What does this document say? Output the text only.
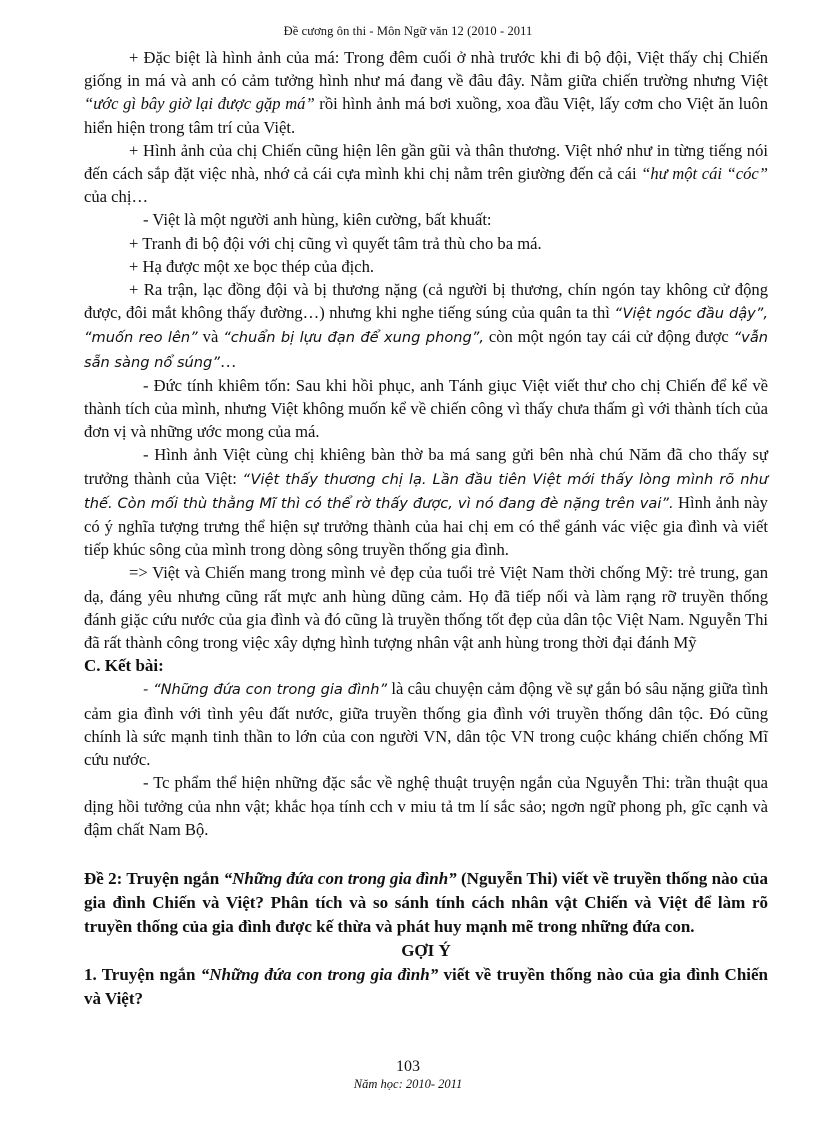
Đề cương ôn thi - Môn Ngữ văn 12 (2010 - 2011

+ Đặc biệt là hình ảnh của má: Trong đêm cuối ở nhà trước khi đi bộ đội, Việt thấy chị Chiến giống in má và anh có cảm tưởng hình như má đang về đâu đây. Nằm giữa chiến trường nhưng Việt “ước gì bây giờ lại được gặp má” rồi hình ảnh má bơi xuồng, xoa đầu Việt, lấy cơm cho Việt ăn luôn hiển hiện trong tâm trí của Việt.

+ Hình ảnh của chị Chiến cũng hiện lên gần gũi và thân thương. Việt nhớ như in từng tiếng nói đến cách sắp đặt việc nhà, nhớ cả cái cựa mình khi chị nằm trên giường đến cả cái “hư một cái “cóc” của chị…

- Việt là một người anh hùng, kiên cường, bất khuất:

+ Tranh đi bộ đội với chị cũng vì quyết tâm trả thù cho ba má.

+ Hạ được một xe bọc thép của địch.

+ Ra trận, lạc đồng đội và bị thương nặng (cả người bị thương, chín ngón tay không cử động được, đôi mắt không thấy đường…) nhưng khi nghe tiếng súng của quân ta thì “Việt ngóc đầu dậy”, “muốn reo lên” và “chuẩn bị lựu đạn để xung phong”, còn một ngón tay cái cử động được “vẫn sẵn sàng nổ súng”…

- Đức tính khiêm tốn: Sau khi hồi phục, anh Tánh giục Việt viết thư cho chị Chiến để kể về thành tích của mình, nhưng Việt không muốn kể về chiến công vì thấy chưa thấm gì với thành tích của đơn vị và những ước mong của má.

- Hình ảnh Việt cùng chị khiêng bàn thờ ba má sang gửi bên nhà chú Năm đã cho thấy sự trưởng thành của Việt: “Việt thấy thương chị lạ. Lần đầu tiên Việt mới thấy lòng mình rõ như thế. Còn mối thù thằng Mĩ thì có thể rờ thấy được, vì nó đang đè nặng trên vai”. Hình ảnh này có ý nghĩa tượng trưng thể hiện sự trưởng thành của hai chị em có thể gánh vác việc gia đình và viết tiếp khúc sông của mình trong dòng sông truyền thống gia đình.

=> Việt và Chiến mang trong mình vẻ đẹp của tuổi trẻ Việt Nam thời chống Mỹ: trẻ trung, gan dạ, đáng yêu nhưng cũng rất mực anh hùng dũng cảm. Họ đã tiếp nối và làm rạng rỡ truyền thống đánh giặc cứu nước của gia đình và đó cũng là truyền thống tốt đẹp của dân tộc Việt Nam. Nguyễn Thi đã rất thành công trong việc xây dựng hình tượng nhân vật anh hùng trong thời đại đánh Mỹ

C. Kết bài:

- “Những đứa con trong gia đình” là câu chuyện cảm động về sự gắn bó sâu nặng giữa tình cảm gia đình với tình yêu đất nước, giữa truyền thống gia đình với truyền thống dân tộc. Đó cũng chính là sức mạnh tinh thần to lớn của con người VN, dân tộc VN trong cuộc kháng chiến chống Mĩ cứu nước.

- Tc phẩm thể hiện những đặc sắc về nghệ thuật truyện ngắn của Nguyễn Thi: trần thuật qua dịng hồi tưởng của nhn vật; khắc họa tính cch v miu tả tm lí sắc sảo; ngơn ngữ phong ph, gĩc cạnh và đậm chất Nam Bộ.

Đề 2: Truyện ngắn “Những đứa con trong gia đình” (Nguyễn Thi) viết về truyền thống nào của gia đình Chiến và Việt? Phân tích và so sánh tính cách nhân vật Chiến và Việt để làm rõ truyền thống của gia đình được kế thừa và phát huy mạnh mẽ trong những đứa con.

GỢI Ý

1. Truyện ngắn “Những đứa con trong gia đình” viết về truyền thống nào của gia đình Chiến và Việt?

103
Năm học: 2010- 2011
